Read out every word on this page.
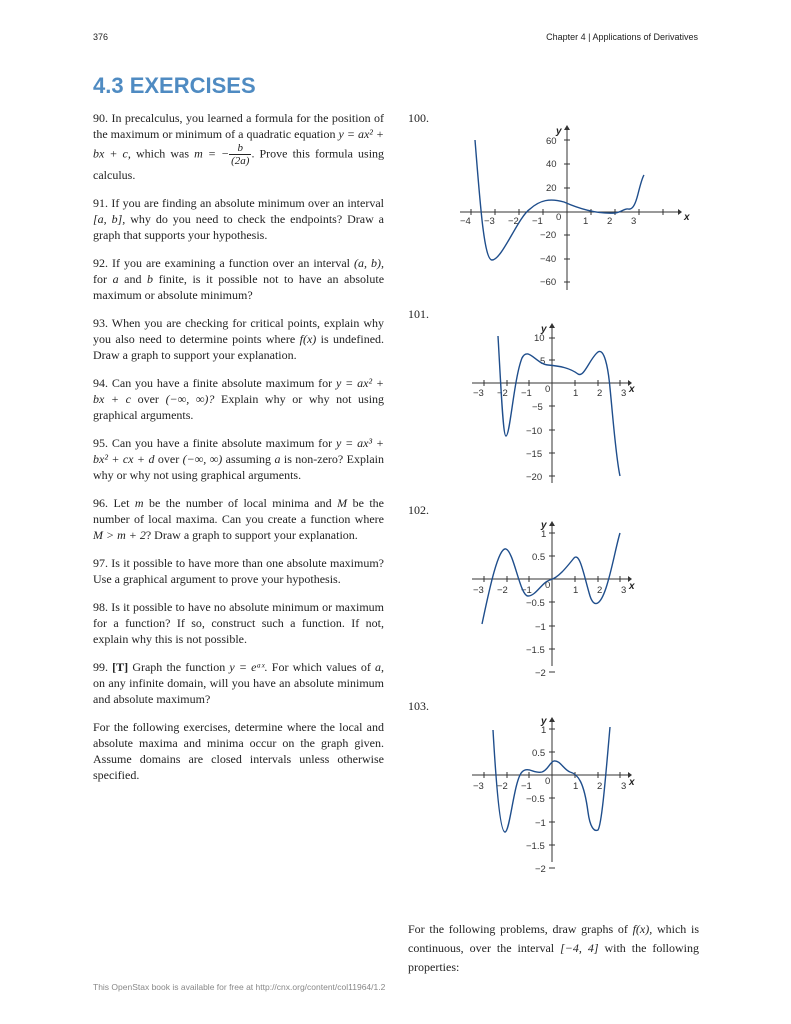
376	Chapter 4 | Applications of Derivatives
4.3 EXERCISES

90. In precalculus, you learned a formula for the position of the maximum or minimum of a quadratic equation y = ax² + bx + c, which was m = − $\frac{b}{(2a)}$ . Prove this formula using calculus.

91. If you are finding an absolute minimum over an interval [a, b], why do you need to check the endpoints? Draw a graph that supports your hypothesis.

92. If you are examining a function over an interval (a, b), for a and b finite, is it possible not to have an absolute maximum or absolute minimum?

93. When you are checking for critical points, explain why you also need to determine points where f(x) is undefined. Draw a graph to support your explanation.

94. Can you have a finite absolute maximum for y = ax² + bx + c over (−∞, ∞)? Explain why or why not using graphical arguments.

95. Can you have a finite absolute maximum for y = ax³ + bx² + cx + d over (−∞, ∞) assuming a is non-zero? Explain why or why not using graphical arguments.

96. Let m be the number of local minima and M be the number of local maxima. Can you create a function where M > m + 2? Draw a graph to support your explanation.

97. Is it possible to have more than one absolute maximum? Use a graphical argument to prove your hypothesis.

98. Is it possible to have no absolute minimum or maximum for a function? If so, construct such a function. If not, explain why this is not possible.

99. [T] Graph the function y = eᵃˣ. For which values of a, on any infinite domain, will you have an absolute minimum and absolute maximum?

For the following exercises, determine where the local and absolute maxima and minima occur on the graph given. Assume domains are closed intervals unless otherwise specified.

100.
101.
102.
103.
y
x
−4 −3 −2 −1 0 1 2 3
60
40
20
−20
−40
−60
y
x
−3 −2 −1 0 1 2 3
10
5
−5
−10
−15
−20
y
x
−3 −2 −1 0 1 2 3
1
0.5
−0.5
−1
−1.5
−2
y
x
−3 −2 −1 0 1 2 3
1
0.5
−0.5
−1
−1.5
−2
For the following problems, draw graphs of f(x), which is continuous, over the interval [−4, 4] with the following properties:
This OpenStax book is available for free at http://cnx.org/content/col11964/1.2
